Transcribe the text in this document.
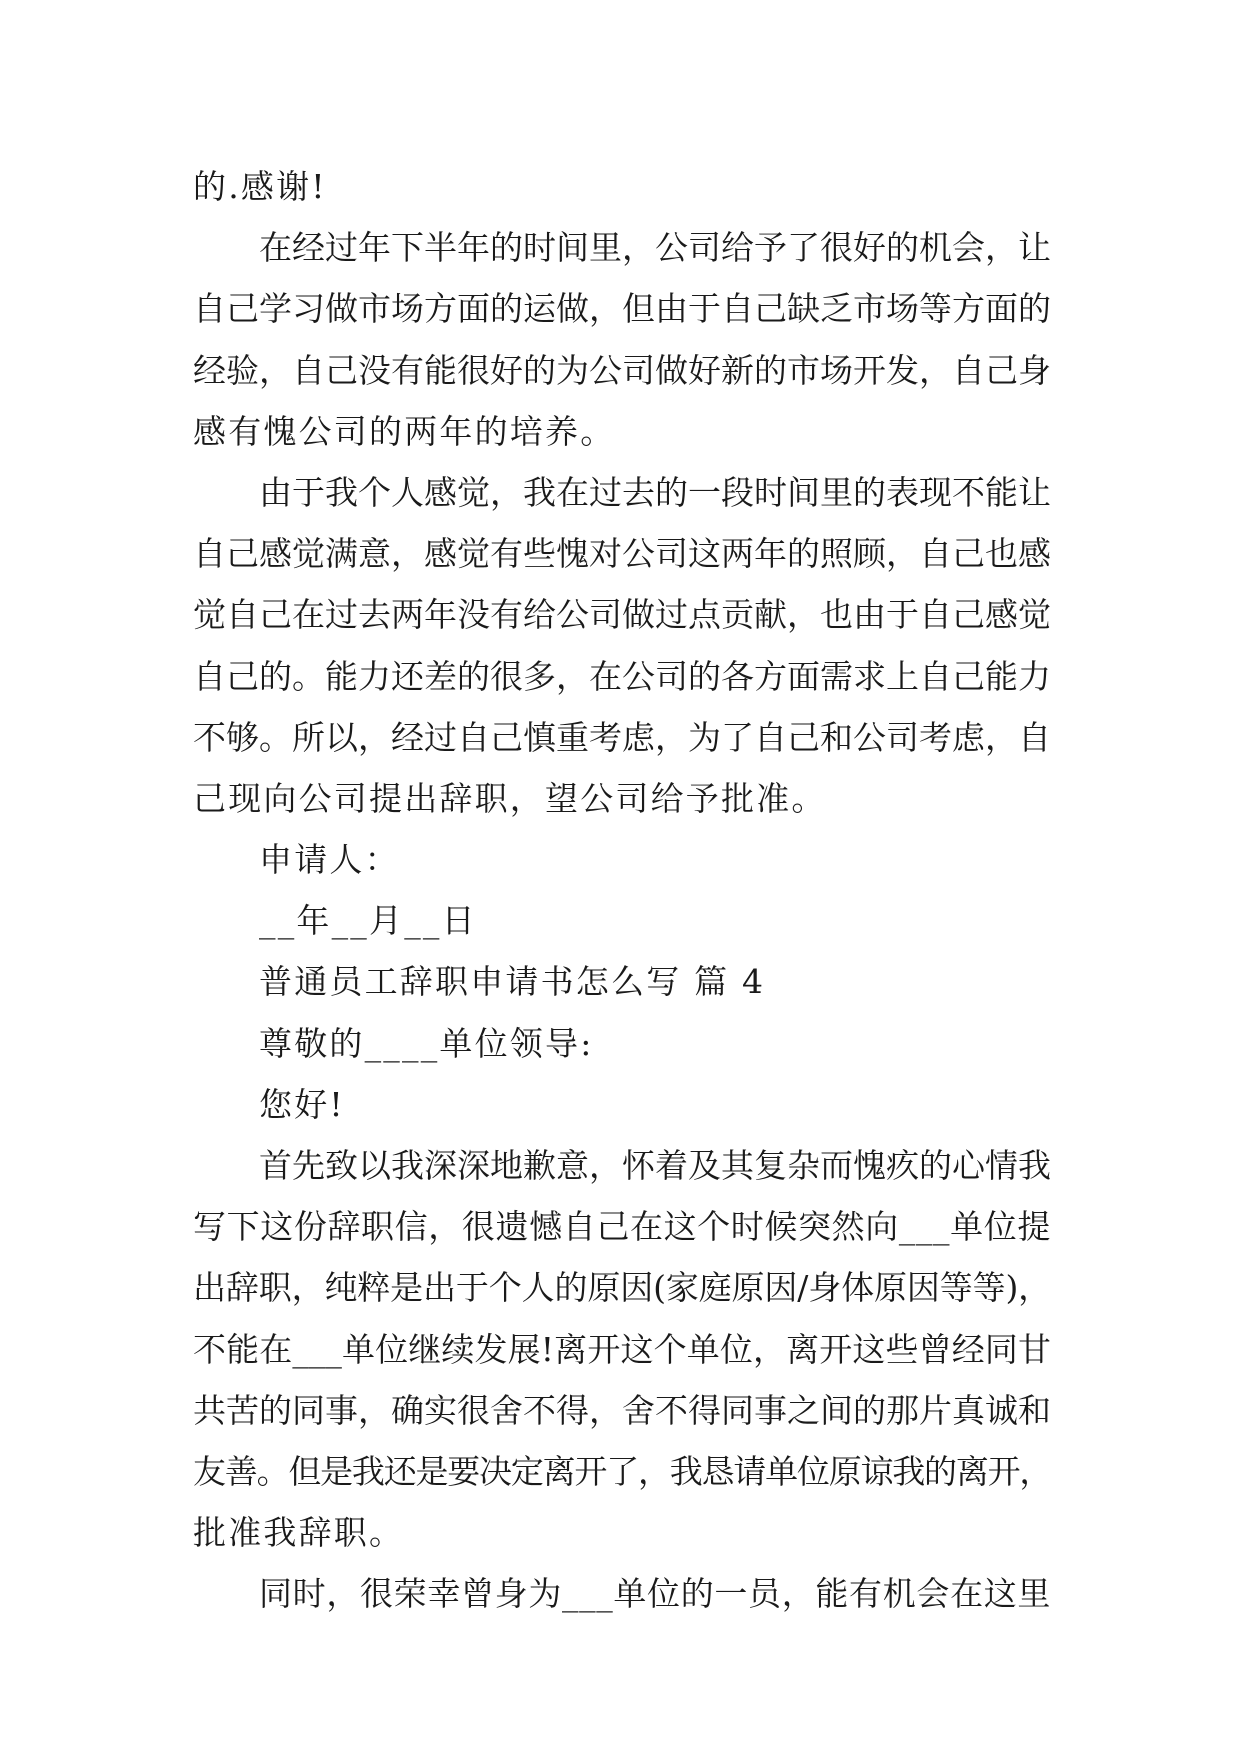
的.感谢!
在经过年下半年的时间里，公司给予了很好的机会，让
自己学习做市场方面的运做，但由于自己缺乏市场等方面的
经验，自己没有能很好的为公司做好新的市场开发，自己身
感有愧公司的两年的培养。
由于我个人感觉，我在过去的一段时间里的表现不能让
自己感觉满意，感觉有些愧对公司这两年的照顾，自己也感
觉自己在过去两年没有给公司做过点贡献，也由于自己感觉
自己的。能力还差的很多，在公司的各方面需求上自己能力
不够。所以，经过自己慎重考虑，为了自己和公司考虑，自
己现向公司提出辞职，望公司给予批准。
申请人：
__年__月__日
普通员工辞职申请书怎么写 篇 4
尊敬的____单位领导:
您好!
首先致以我深深地歉意，怀着及其复杂而愧疚的心情我
写下这份辞职信，很遗憾自己在这个时候突然向___单位提
出辞职，纯粹是出于个人的原因(家庭原因/身体原因等等)，
不能在___单位继续发展!离开这个单位，离开这些曾经同甘
共苦的同事，确实很舍不得，舍不得同事之间的那片真诚和
友善。但是我还是要决定离开了，我恳请单位原谅我的离开，
批准我辞职。
同时，很荣幸曾身为___单位的一员，能有机会在这里
